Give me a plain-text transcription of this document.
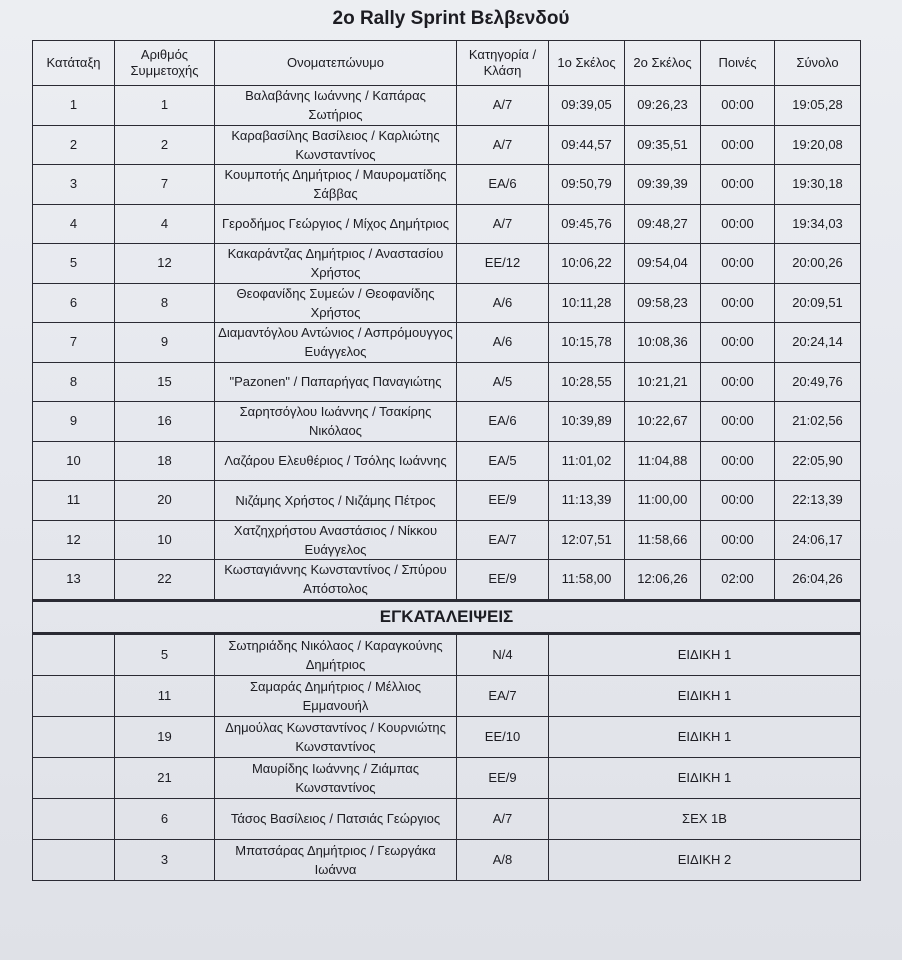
2ο Rally Sprint Βελβενδού
Κατάταξη	Αριθμός Συμμετοχής	Ονοματεπώνυμο	Κατηγορία / Κλάση	1ο Σκέλος	2ο Σκέλος	Ποινές	Σύνολο
1	1	Βαλαβάνης Ιωάννης / Καπάρας Σωτήριος	Α/7	09:39,05	09:26,23	00:00	19:05,28
2	2	Καραβασίλης Βασίλειος / Καρλιώτης Κωνσταντίνος	Α/7	09:44,57	09:35,51	00:00	19:20,08
3	7	Κουμποτής Δημήτριος / Μαυροματίδης Σάββας	ΕΑ/6	09:50,79	09:39,39	00:00	19:30,18
4	4	Γεροδήμος Γεώργιος / Μίχος Δημήτριος	Α/7	09:45,76	09:48,27	00:00	19:34,03
5	12	Κακαράντζας Δημήτριος / Αναστασίου Χρήστος	ΕΕ/12	10:06,22	09:54,04	00:00	20:00,26
6	8	Θεοφανίδης Συμεών / Θεοφανίδης Χρήστος	Α/6	10:11,28	09:58,23	00:00	20:09,51
7	9	Διαμαντόγλου Αντώνιος / Ασπρόμουγγος Ευάγγελος	Α/6	10:15,78	10:08,36	00:00	20:24,14
8	15	"Pazonen" / Παπαρήγας Παναγιώτης	Α/5	10:28,55	10:21,21	00:00	20:49,76
9	16	Σαρητσόγλου Ιωάννης / Τσακίρης Νικόλαος	ΕΑ/6	10:39,89	10:22,67	00:00	21:02,56
10	18	Λαζάρου Ελευθέριος / Τσόλης Ιωάννης	ΕΑ/5	11:01,02	11:04,88	00:00	22:05,90
11	20	Νιζάμης Χρήστος / Νιζάμης Πέτρος	ΕΕ/9	11:13,39	11:00,00	00:00	22:13,39
12	10	Χατζηχρήστου Αναστάσιος / Νίκκου Ευάγγελος	ΕΑ/7	12:07,51	11:58,66	00:00	24:06,17
13	22	Κωσταγιάννης Κωνσταντίνος / Σπύρου Απόστολος	ΕΕ/9	11:58,00	12:06,26	02:00	26:04,26
ΕΓΚΑΤΑΛΕΙΨΕΙΣ							
	5	Σωτηριάδης Νικόλαος / Καραγκούνης Δημήτριος	Ν/4	ΕΙΔΙΚΗ 1			
	11	Σαμαράς Δημήτριος / Μέλλιος Εμμανουήλ	ΕΑ/7	ΕΙΔΙΚΗ 1			
	19	Δημούλας Κωνσταντίνος / Κουρνιώτης Κωνσταντίνος	ΕΕ/10	ΕΙΔΙΚΗ 1			
	21	Μαυρίδης Ιωάννης / Ζιάμπας Κωνσταντίνος	ΕΕ/9	ΕΙΔΙΚΗ 1			
	6	Τάσος Βασίλειος / Πατσιάς Γεώργιος	Α/7	ΣΕΧ 1Β			
	3	Μπατσάρας Δημήτριος / Γεωργάκα Ιωάννα	Α/8	ΕΙΔΙΚΗ 2			
